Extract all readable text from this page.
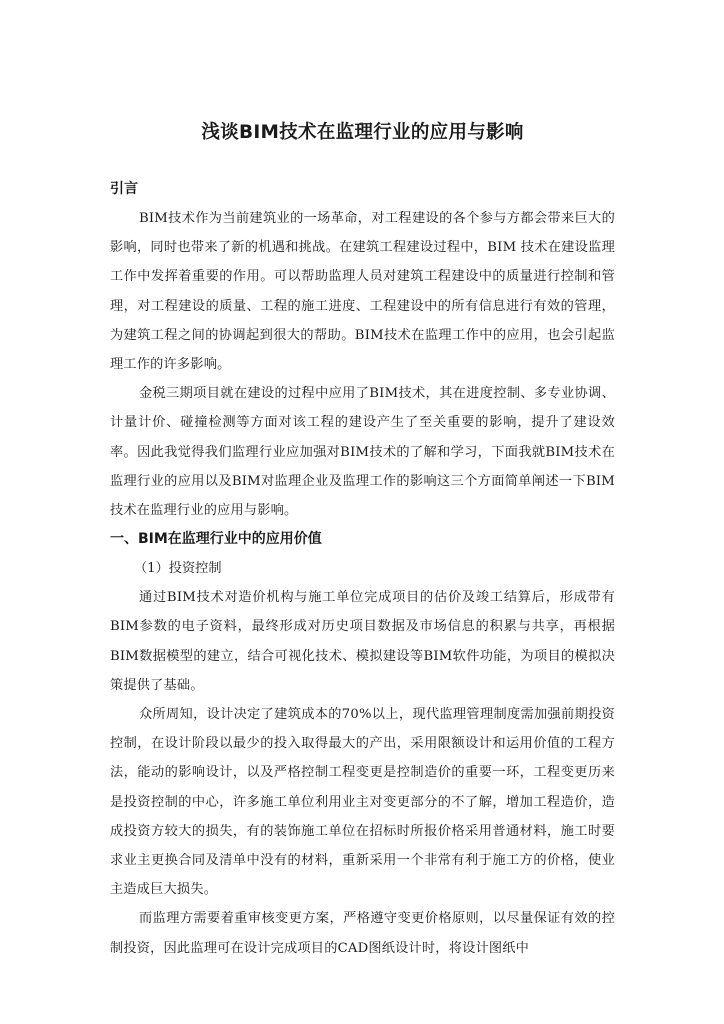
浅谈BIM技术在监理行业的应用与影响

引言

BIM技术作为当前建筑业的一场革命，对工程建设的各个参与方都会带来巨大的影响，同时也带来了新的机遇和挑战。在建筑工程建设过程中，BIM 技术在建设监理工作中发挥着重要的作用。可以帮助监理人员对建筑工程建设中的质量进行控制和管理，对工程建设的质量、工程的施工进度、工程建设中的所有信息进行有效的管理，为建筑工程之间的协调起到很大的帮助。BIM技术在监理工作中的应用，也会引起监理工作的许多影响。

金税三期项目就在建设的过程中应用了BIM技术，其在进度控制、多专业协调、计量计价、碰撞检测等方面对该工程的建设产生了至关重要的影响，提升了建设效率。因此我觉得我们监理行业应加强对BIM技术的了解和学习，下面我就BIM技术在监理行业的应用以及BIM对监理企业及监理工作的影响这三个方面简单阐述一下BIM技术在监理行业的应用与影响。

一、BIM在监理行业中的应用价值

（1）投资控制

通过BIM技术对造价机构与施工单位完成项目的估价及竣工结算后，形成带有BIM参数的电子资料，最终形成对历史项目数据及市场信息的积累与共享，再根据BIM数据模型的建立，结合可视化技术、模拟建设等BIM软件功能，为项目的模拟决策提供了基础。

众所周知，设计决定了建筑成本的70%以上，现代监理管理制度需加强前期投资控制，在设计阶段以最少的投入取得最大的产出，采用限额设计和运用价值的工程方法，能动的影响设计，以及严格控制工程变更是控制造价的重要一环，工程变更历来是投资控制的中心，许多施工单位利用业主对变更部分的不了解，增加工程造价，造成投资方较大的损失，有的装饰施工单位在招标时所报价格采用普通材料，施工时要求业主更换合同及清单中没有的材料，重新采用一个非常有利于施工方的价格，使业主造成巨大损失。

而监理方需要着重审核变更方案，严格遵守变更价格原则，以尽量保证有效的控制投资，因此监理可在设计完成项目的CAD图纸设计时，将设计图纸中
